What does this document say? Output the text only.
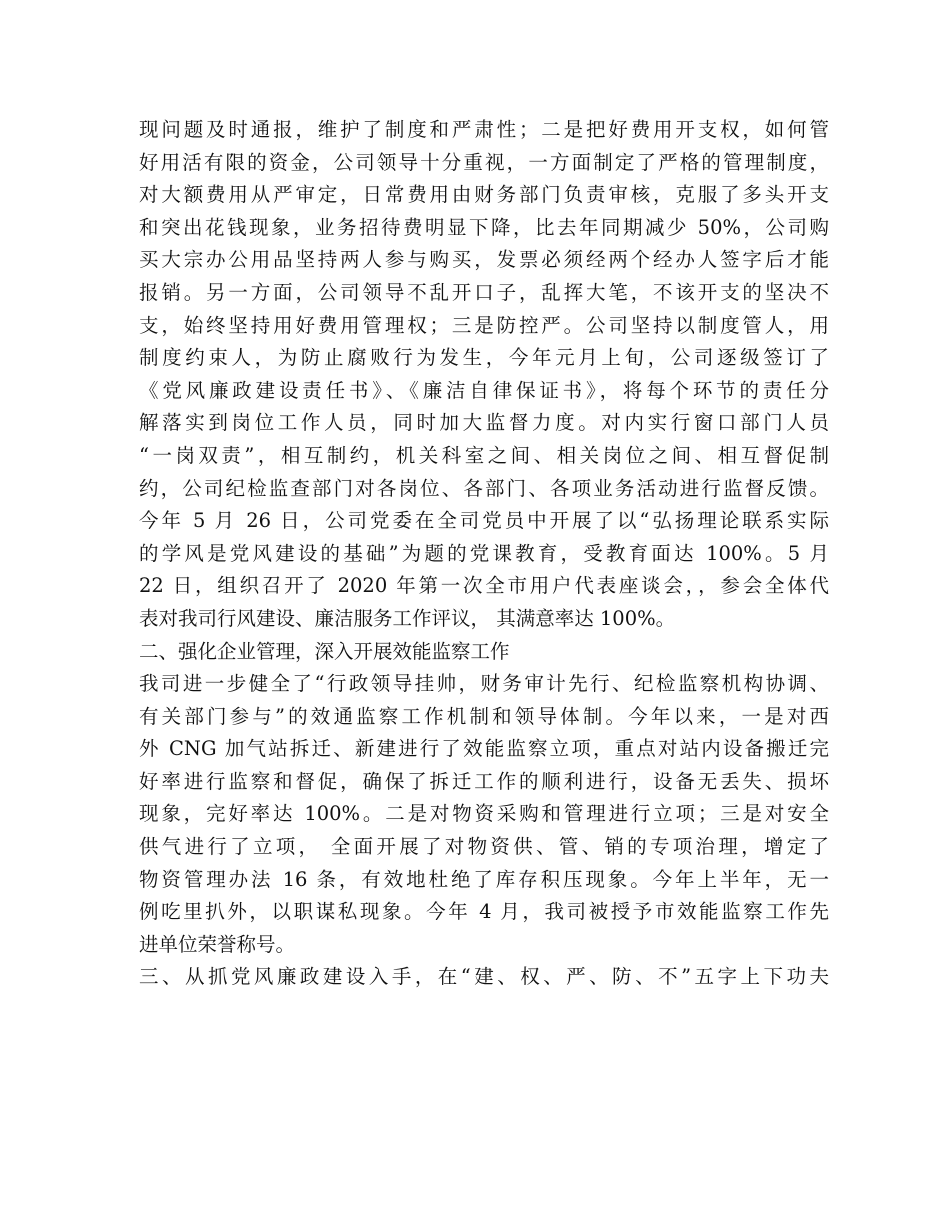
现问题及时通报，维护了制度和严肃性；二是把好费用开支权，如何管
好用活有限的资金，公司领导十分重视，一方面制定了严格的管理制度，
对大额费用从严审定，日常费用由财务部门负责审核，克服了多头开支
和突出花钱现象，业务招待费明显下降，比去年同期减少 50%，公司购
买大宗办公用品坚持两人参与购买，发票必须经两个经办人签字后才能
报销。另一方面，公司领导不乱开口子，乱挥大笔，不该开支的坚决不
支，始终坚持用好费用管理权；三是防控严。公司坚持以制度管人，用
制度约束人，为防止腐败行为发生，今年元月上旬，公司逐级签订了
《党风廉政建设责任书》、《廉洁自律保证书》，将每个环节的责任分
解落实到岗位工作人员，同时加大监督力度。对内实行窗口部门人员
“一岗双责”，相互制约，机关科室之间、相关岗位之间、相互督促制
约，公司纪检监查部门对各岗位、各部门、各项业务活动进行监督反馈。
今年 5 月 26 日，公司党委在全司党员中开展了以“弘扬理论联系实际
的学风是党风建设的基础”为题的党课教育，受教育面达 100%。5 月
22 日，组织召开了 2020 年第一次全市用户代表座谈会，，参会全体代
表对我司行风建设、廉洁服务工作评议， 其满意率达 100%。
二、强化企业管理，深入开展效能监察工作
我司进一步健全了“行政领导挂帅，财务审计先行、纪检监察机构协调、
有关部门参与”的效通监察工作机制和领导体制。今年以来，一是对西
外 CNG 加气站拆迁、新建进行了效能监察立项，重点对站内设备搬迁完
好率进行监察和督促，确保了拆迁工作的顺利进行，设备无丢失、损坏
现象，完好率达 100%。二是对物资采购和管理进行立项；三是对安全
供气进行了立项， 全面开展了对物资供、管、销的专项治理，增定了
物资管理办法 16 条，有效地杜绝了库存积压现象。今年上半年，无一
例吃里扒外，以职谋私现象。今年 4 月，我司被授予市效能监察工作先
进单位荣誉称号。
三、从抓党风廉政建设入手，在“建、权、严、防、不”五字上下功夫
